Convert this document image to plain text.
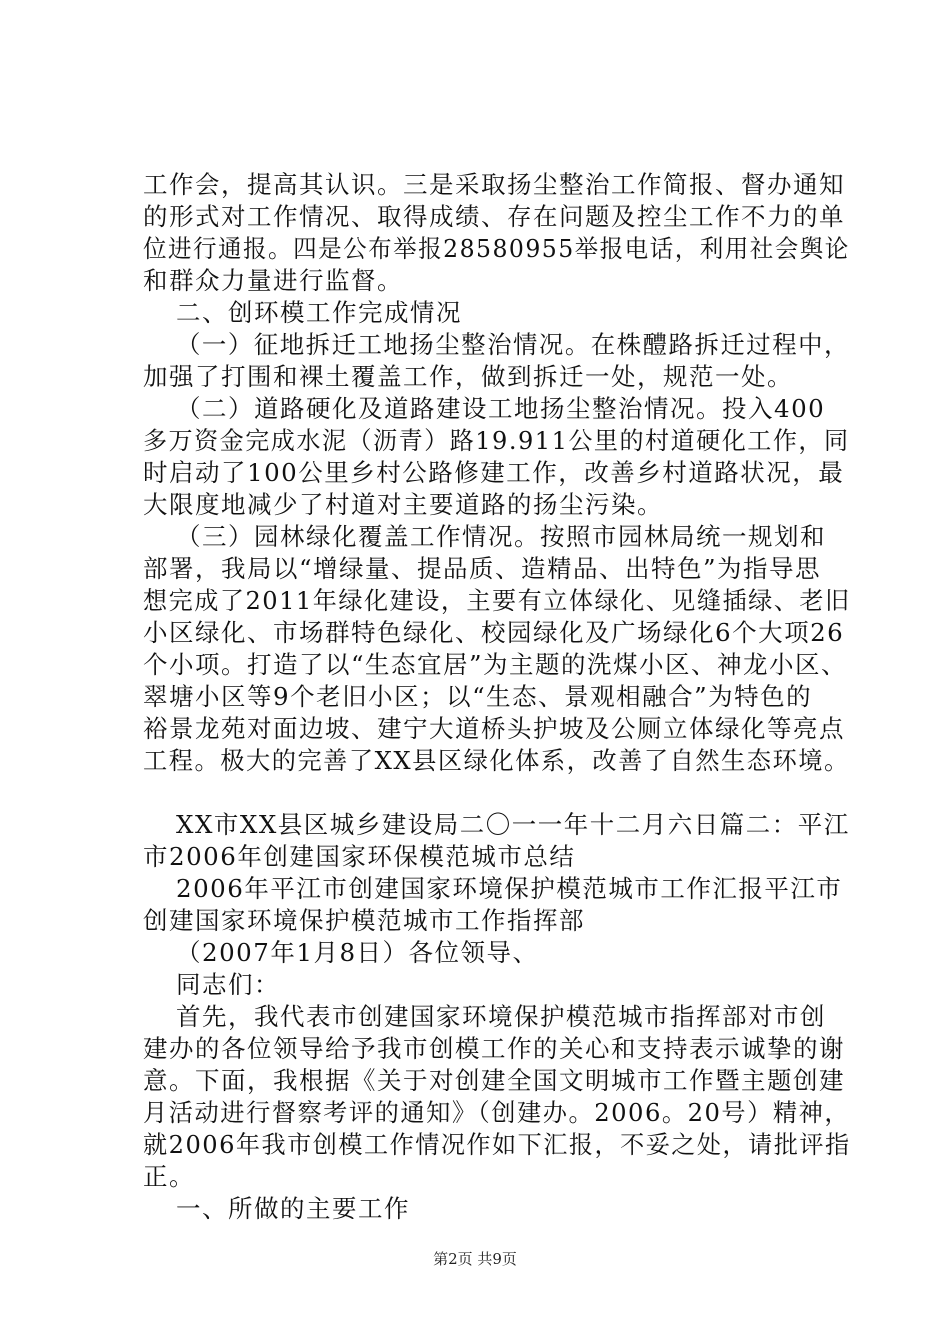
工作会，提高其认识。三是采取扬尘整治工作简报、督办通知
的形式对工作情况、取得成绩、存在问题及控尘工作不力的单
位进行通报。四是公布举报28580955举报电话，利用社会舆论
和群众力量进行监督。
二、创环模工作完成情况
（一）征地拆迁工地扬尘整治情况。在株醴路拆迁过程中，
加强了打围和裸土覆盖工作，做到拆迁一处，规范一处。
（二）道路硬化及道路建设工地扬尘整治情况。投入400
多万资金完成水泥（沥青）路19.911公里的村道硬化工作，同
时启动了100公里乡村公路修建工作，改善乡村道路状况，最
大限度地减少了村道对主要道路的扬尘污染。
（三）园林绿化覆盖工作情况。按照市园林局统一规划和
部署，我局以“增绿量、提品质、造精品、出特色”为指导思
想完成了2011年绿化建设，主要有立体绿化、见缝插绿、老旧
小区绿化、市场群特色绿化、校园绿化及广场绿化6个大项26
个小项。打造了以“生态宜居”为主题的洗煤小区、神龙小区、
翠塘小区等9个老旧小区；以“生态、景观相融合”为特色的
裕景龙苑对面边坡、建宁大道桥头护坡及公厕立体绿化等亮点
工程。极大的完善了XX县区绿化体系，改善了自然生态环境。
XX市XX县区城乡建设局二〇一一年十二月六日篇二：平江
市2006年创建国家环保模范城市总结
2006年平江市创建国家环境保护模范城市工作汇报平江市
创建国家环境保护模范城市工作指挥部
（2007年1月8日）各位领导、
同志们：
首先，我代表市创建国家环境保护模范城市指挥部对市创
建办的各位领导给予我市创模工作的关心和支持表示诚挚的谢
意。下面，我根据《关于对创建全国文明城市工作暨主题创建
月活动进行督察考评的通知》（创建办。2006。20号）精神，
就2006年我市创模工作情况作如下汇报，不妥之处，请批评指
正。
一、所做的主要工作
第2页 共9页
